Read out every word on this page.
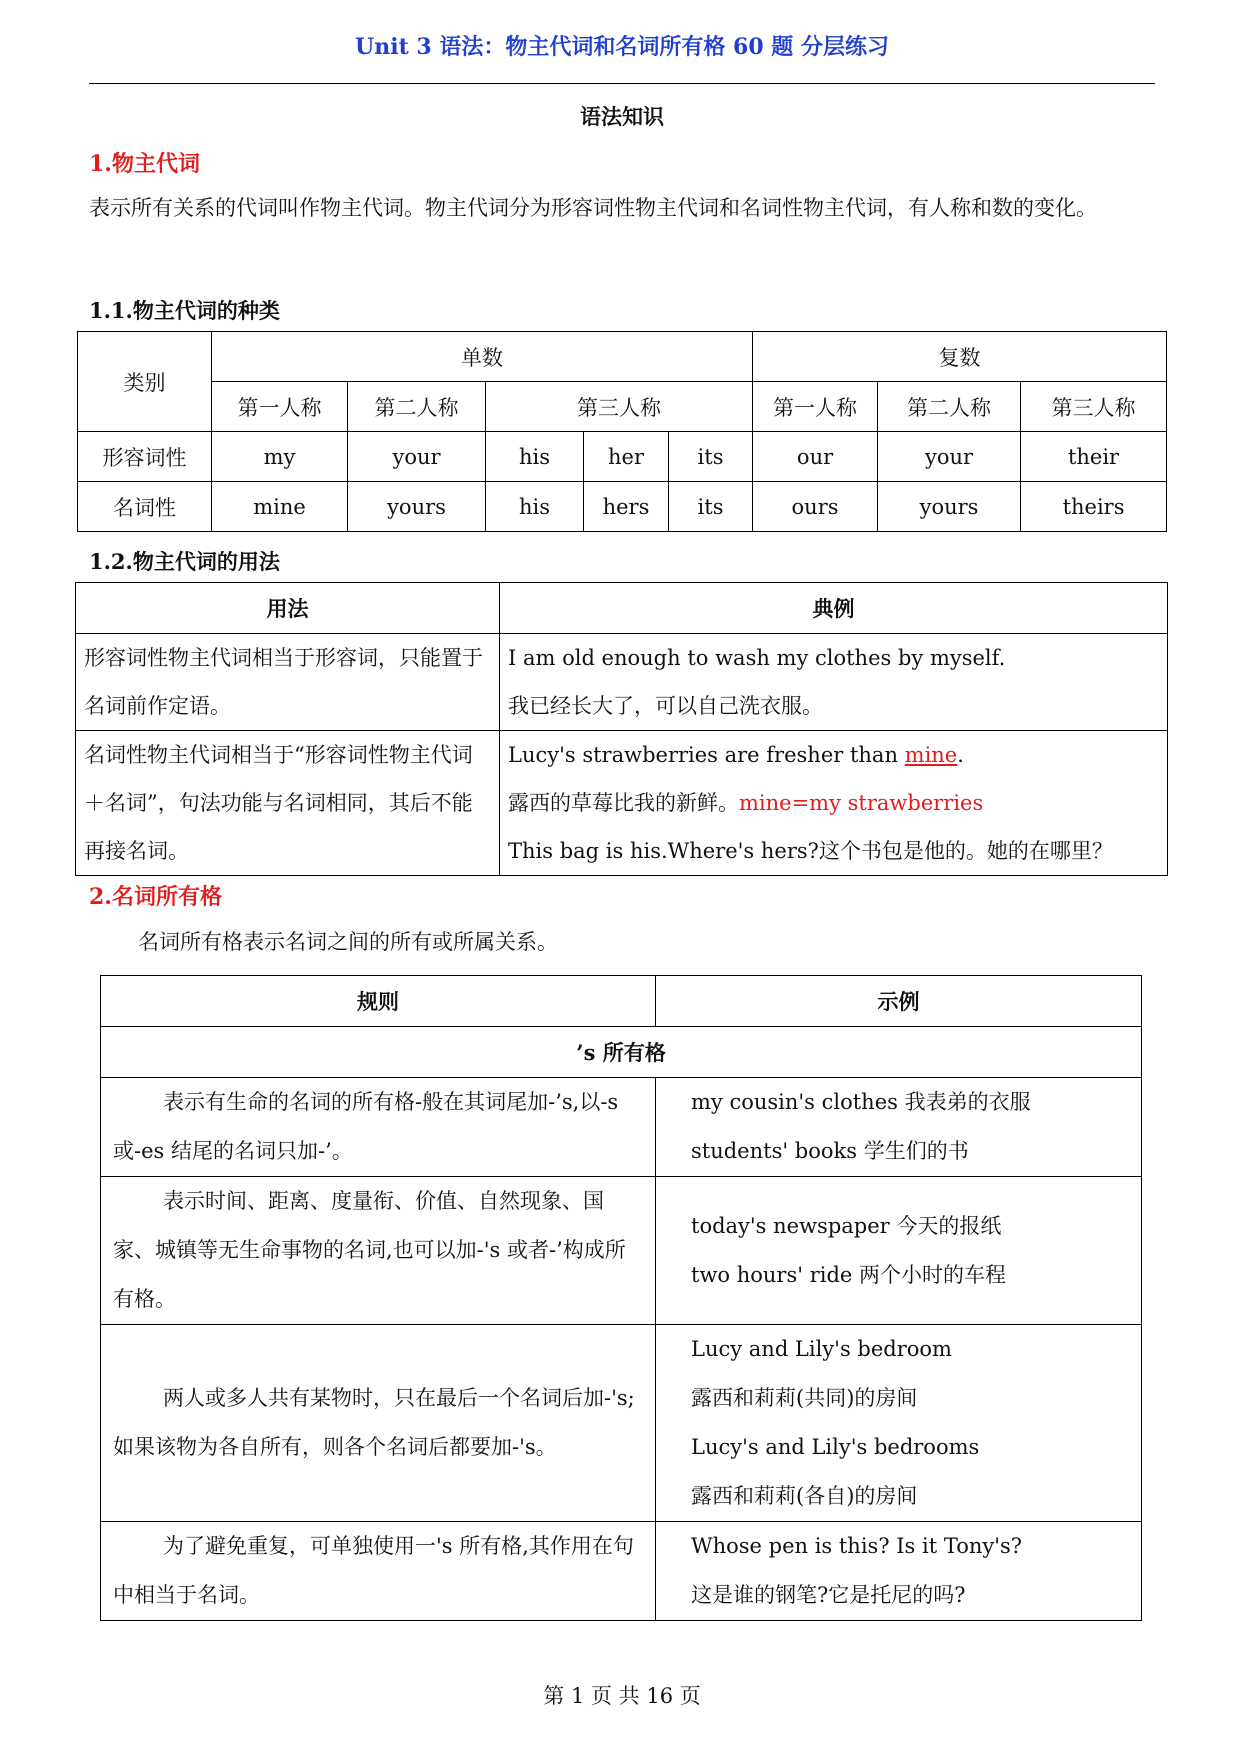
Unit 3 语法：物主代词和名词所有格 60 题 分层练习
语法知识
1.物主代词
表示所有关系的代词叫作物主代词。物主代词分为形容词性物主代词和名词性物主代词，有人称和数的变化。
1.1.物主代词的种类
类别	单数					复数		
	第一人称	第二人称	第三人称			第一人称	第二人称	第三人称
形容词性	my	your	his	her	its	our	your	their
名词性	mine	yours	his	hers	its	ours	yours	theirs
1.2.物主代词的用法
用法	典例
形容词性物主代词相当于形容词，只能置于名词前作定语。	I am old enough to wash my clothes by myself.
我已经长大了，可以自己洗衣服。

名词性物主代词相当于“形容词性物主代词＋名词”，句法功能与名词相同，其后不能再接名词。	Lucy's strawberries are fresher than mine.
露西的草莓比我的新鲜。mine=my strawberries
This bag is his.Where's hers?这个书包是他的。她的在哪里？
2.名词所有格
名词所有格表示名词之间的所有或所属关系。
规则	示例
’s 所有格	
表示有生命的名词的所有格-般在其词尾加-’s,以-s 或-es 结尾的名词只加-’。	my cousin's clothes 我表弟的衣服
students' books 学生们的书

表示时间、距离、度量衔、价值、自然现象、国家、城镇等无生命事物的名词,也可以加-'s 或者-’构成所有格。	today's newspaper 今天的报纸
two hours' ride 两个小时的车程

两人或多人共有某物时，只在最后一个名词后加-'s;如果该物为各自所有，则各个名词后都要加-'s。	Lucy and Lily's bedroom
露西和莉莉(共同)的房间
Lucy's and Lily's bedrooms
露西和莉莉(各自)的房间

为了避免重复，可单独使用一's 所有格,其作用在句中相当于名词。	Whose pen is this? Is it Tony's?
这是谁的钢笔?它是托尼的吗?
第 1 页 共 16 页
